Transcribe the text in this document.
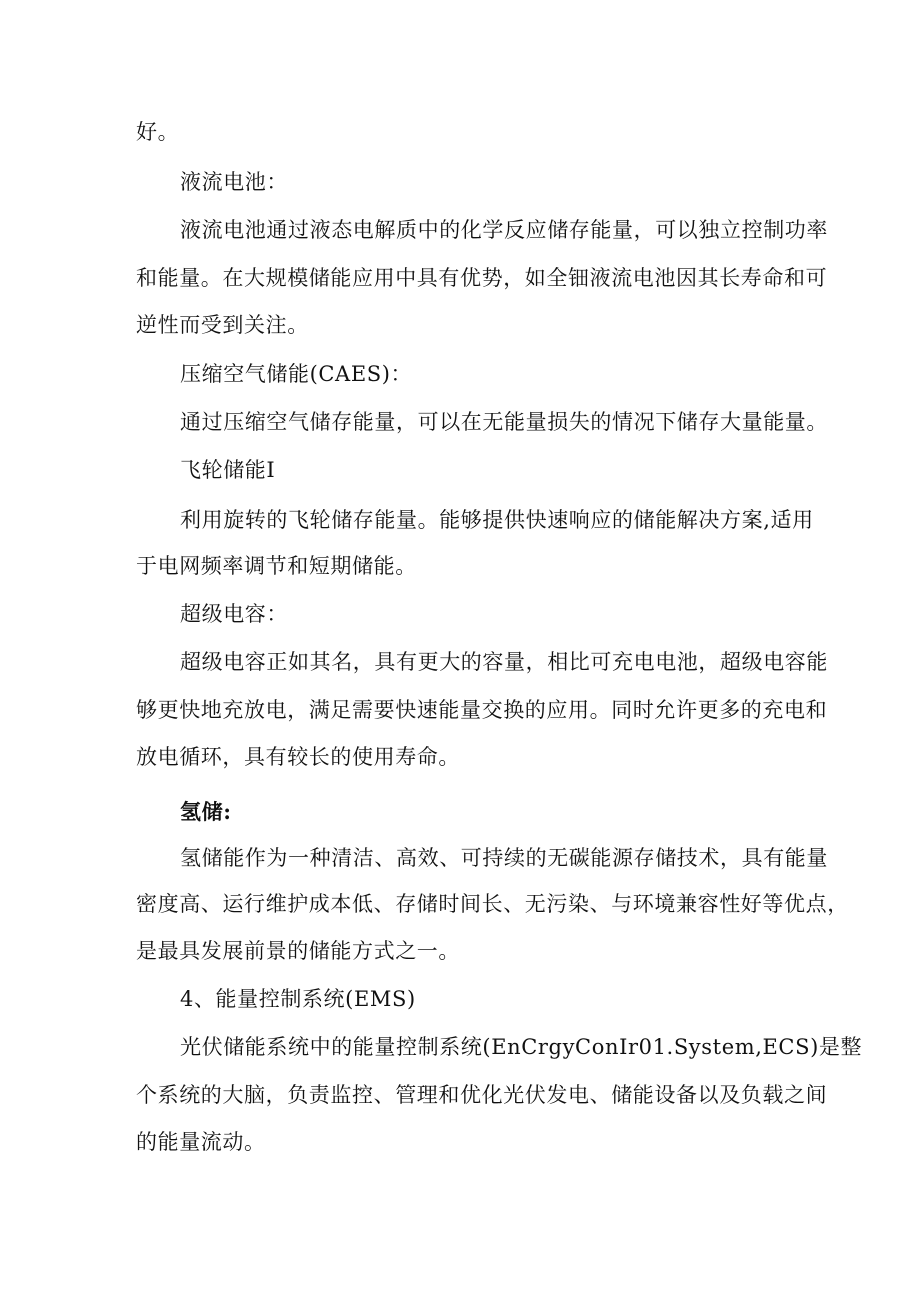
好。
液流电池：
液流电池通过液态电解质中的化学反应储存能量，可以独立控制功率
和能量。在大规模储能应用中具有优势，如全钿液流电池因其长寿命和可
逆性而受到关注。
压缩空气储能(CAES)：
通过压缩空气储存能量，可以在无能量损失的情况下储存大量能量。
飞轮储能I
利用旋转的飞轮储存能量。能够提供快速响应的储能解决方案,适用
于电网频率调节和短期储能。
超级电容：
超级电容正如其名，具有更大的容量，相比可充电电池，超级电容能
够更快地充放电，满足需要快速能量交换的应用。同时允许更多的充电和
放电循环，具有较长的使用寿命。
氢储:
氢储能作为一种清洁、高效、可持续的无碳能源存储技术，具有能量
密度高、运行维护成本低、存储时间长、无污染、与环境兼容性好等优点，
是最具发展前景的储能方式之一。
4、能量控制系统(EMS)
光伏储能系统中的能量控制系统(EnCrgyConIr01.System,ECS)是整
个系统的大脑，负责监控、管理和优化光伏发电、储能设备以及负载之间
的能量流动。
